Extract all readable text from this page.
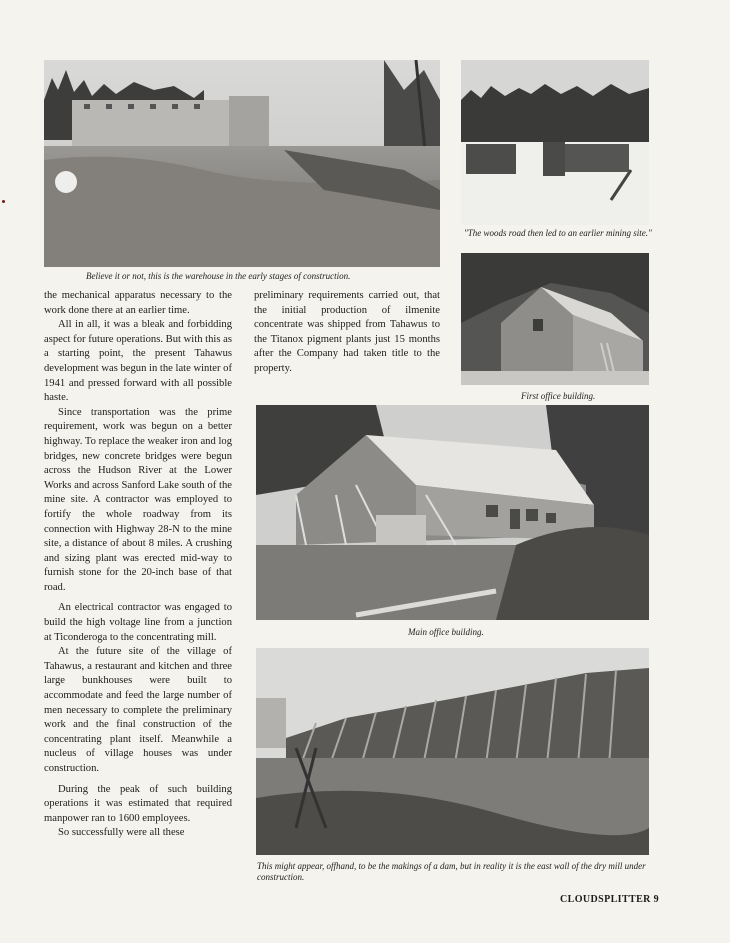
Believe it or not, this is the warehouse in the early stages of construction.
"The woods road then led to an earlier mining site."
First office building.
Main office building.
This might appear, offhand, to be the makings of a dam, but in reality it is the east wall of the dry mill under construction.

the mechanical apparatus necessary to the work done there at an earlier time.

All in all, it was a bleak and forbidding aspect for future operations. But with this as a starting point, the present Tahawus development was begun in the late winter of 1941 and pressed forward with all possible haste.

Since transportation was the prime requirement, work was begun on a better highway. To replace the weaker iron and log bridges, new concrete bridges were begun across the Hudson River at the Lower Works and across Sanford Lake south of the mine site. A contractor was employed to fortify the whole roadway from its connection with Highway 28-N to the mine site, a distance of about 8 miles. A crushing and sizing plant was erected mid-way to furnish stone for the 20-inch base of that road.

An electrical contractor was engaged to build the high voltage line from a junction at Ticonderoga to the concentrating mill.

At the future site of the village of Tahawus, a restaurant and kitchen and three large bunkhouses were built to accommodate and feed the large number of men necessary to complete the preliminary work and the final construction of the concentrating plant itself. Meanwhile a nucleus of village houses was under construction.

During the peak of such building operations it was estimated that required manpower ran to 1600 employees.

So successfully were all these

preliminary requirements carried out, that the initial production of ilmenite concentrate was shipped from Tahawus to the Titanox pigment plants just 15 months after the Company had taken title to the property.

CLOUDSPLITTER 9
